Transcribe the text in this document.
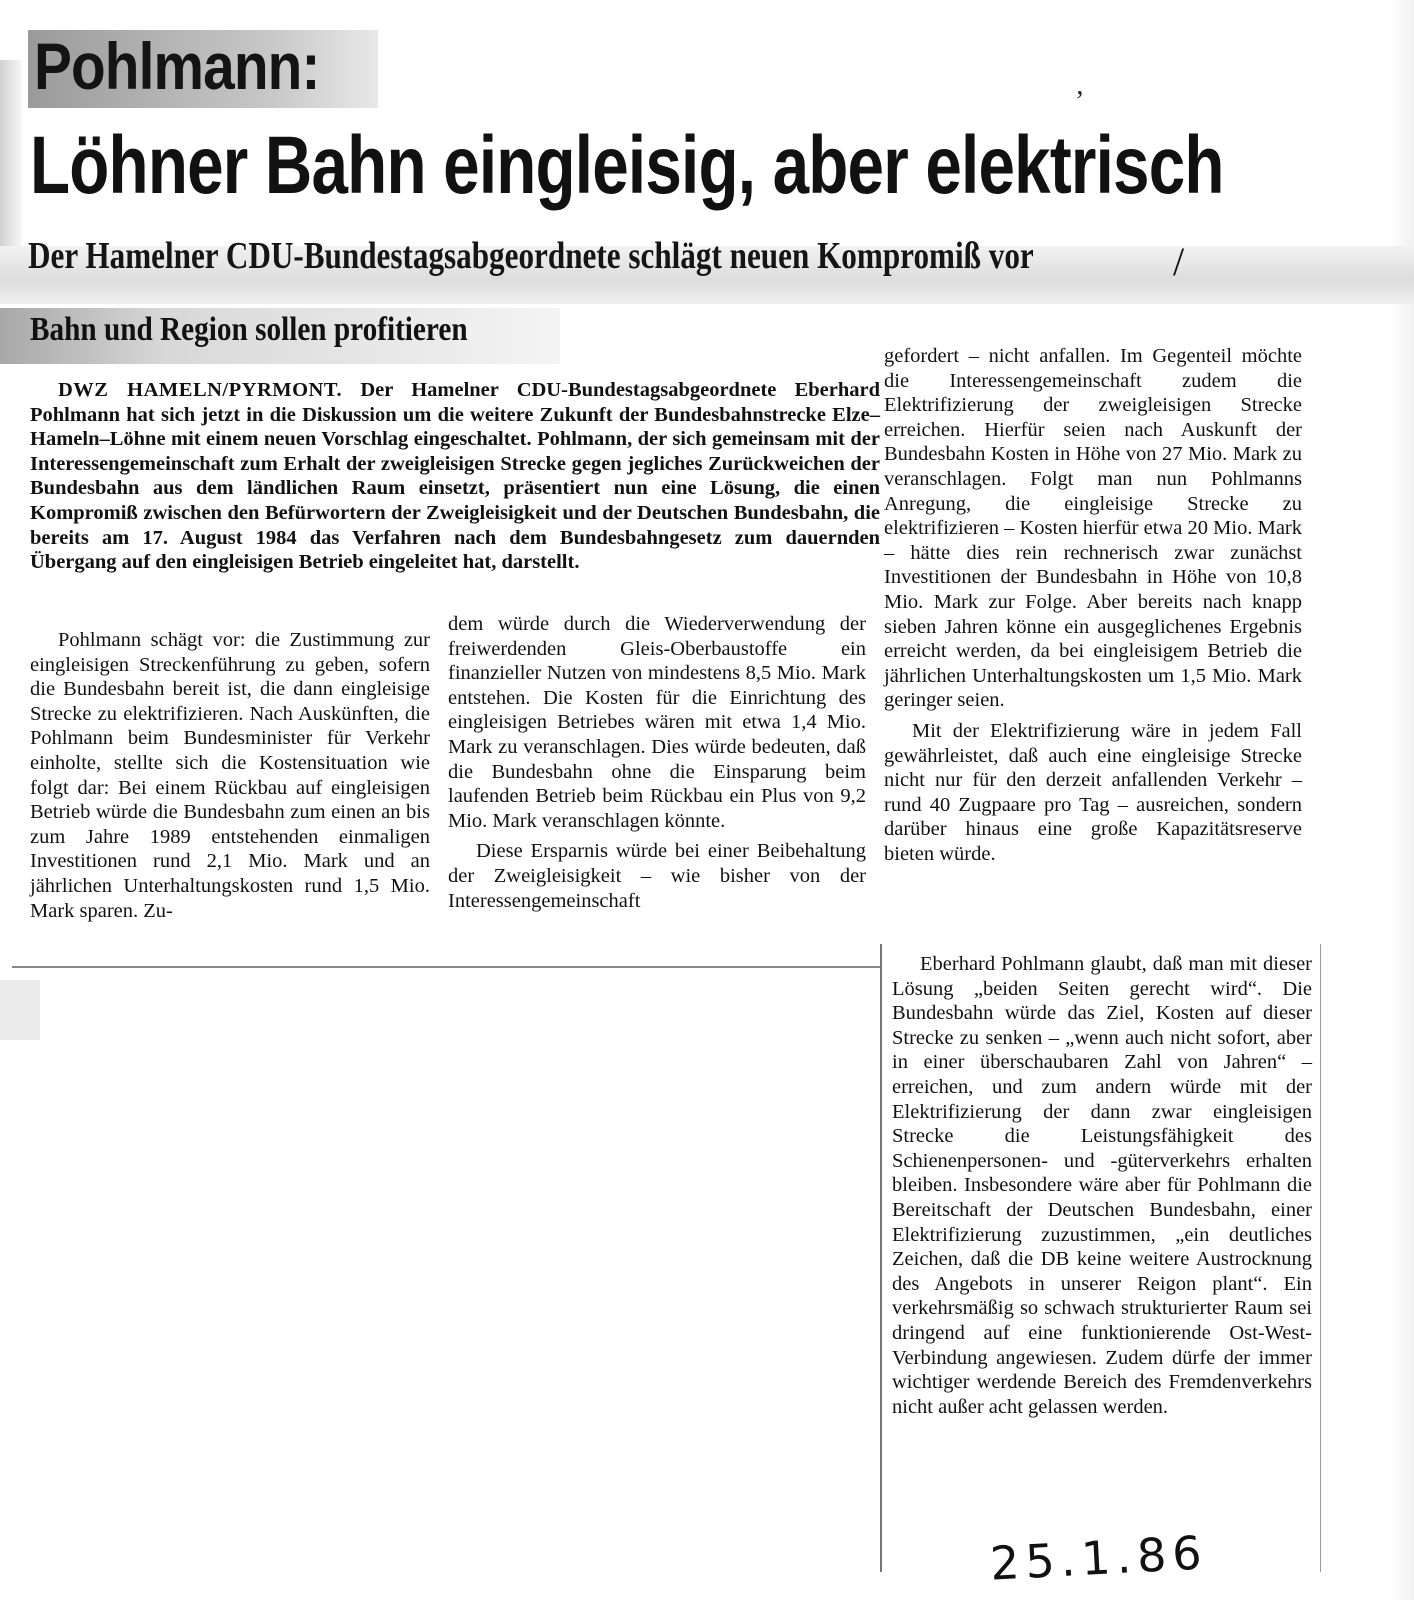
Pohlmann:
Löhner Bahn eingleisig, aber elektrisch
ʼ
Der Hamelner CDU-Bundestagsabgeordnete schlägt neuen Kompromiß vor	/
Bahn und Region sollen profitieren

DWZ HAMELN/PYRMONT. Der Hamelner CDU-Bundestagsabgeordnete Eberhard Pohlmann hat sich jetzt in die Diskussion um die weitere Zukunft der Bundesbahnstrecke Elze–Hameln–Löhne mit einem neuen Vorschlag eingeschaltet. Pohlmann, der sich gemeinsam mit der Interessengemeinschaft zum Erhalt der zweigleisigen Strecke gegen jegliches Zurückweichen der Bundesbahn aus dem ländlichen Raum einsetzt, präsentiert nun eine Lösung, die einen Kompromiß zwischen den Befürwortern der Zweigleisigkeit und der Deutschen Bundesbahn, die bereits am 17. August 1984 das Verfahren nach dem Bundesbahngesetz zum dauernden Übergang auf den eingleisigen Betrieb eingeleitet hat, darstellt.

Pohlmann schägt vor: die Zustimmung zur eingleisigen Streckenführung zu geben, sofern die Bundesbahn bereit ist, die dann eingleisige Strecke zu elektrifizieren. Nach Auskünften, die Pohlmann beim Bundesminister für Verkehr einholte, stellte sich die Kostensituation wie folgt dar: Bei einem Rückbau auf eingleisigen Betrieb würde die Bundesbahn zum einen an bis zum Jahre 1989 entstehenden einmaligen Investitionen rund 2,1 Mio. Mark und an jährlichen Unterhaltungskosten rund 1,5 Mio. Mark sparen. Zu-

dem würde durch die Wiederverwendung der freiwerdenden Gleis-Oberbaustoffe ein finanzieller Nutzen von mindestens 8,5 Mio. Mark entstehen. Die Kosten für die Einrichtung des eingleisigen Betriebes wären mit etwa 1,4 Mio. Mark zu veranschlagen. Dies würde bedeuten, daß die Bundesbahn ohne die Einsparung beim laufenden Betrieb beim Rückbau ein Plus von 9,2 Mio. Mark veranschlagen könnte.

Diese Ersparnis würde bei einer Beibehaltung der Zweigleisigkeit – wie bisher von der Interessengemeinschaft

gefordert – nicht anfallen. Im Gegenteil möchte die Interessengemeinschaft zudem die Elektrifizierung der zweigleisigen Strecke erreichen. Hierfür seien nach Auskunft der Bundesbahn Kosten in Höhe von 27 Mio. Mark zu veranschlagen. Folgt man nun Pohlmanns Anregung, die eingleisige Strecke zu elektrifizieren – Kosten hierfür etwa 20 Mio. Mark – hätte dies rein rechnerisch zwar zunächst Investitionen der Bundesbahn in Höhe von 10,8 Mio. Mark zur Folge. Aber bereits nach knapp sieben Jahren könne ein ausgeglichenes Ergebnis erreicht werden, da bei eingleisigem Betrieb die jährlichen Unterhaltungskosten um 1,5 Mio. Mark geringer seien.

Mit der Elektrifizierung wäre in jedem Fall gewährleistet, daß auch eine eingleisige Strecke nicht nur für den derzeit anfallenden Verkehr – rund 40 Zugpaare pro Tag – ausreichen, sondern darüber hinaus eine große Kapazitätsreserve bieten würde.

Eberhard Pohlmann glaubt, daß man mit dieser Lösung „beiden Seiten gerecht wird“. Die Bundesbahn würde das Ziel, Kosten auf dieser Strecke zu senken – „wenn auch nicht sofort, aber in einer überschaubaren Zahl von Jahren“ – erreichen, und zum andern würde mit der Elektrifizierung der dann zwar eingleisigen Strecke die Leistungsfähigkeit des Schienenpersonen- und -güterverkehrs erhalten bleiben. Insbesondere wäre aber für Pohlmann die Bereitschaft der Deutschen Bundesbahn, einer Elektrifizierung zuzustimmen, „ein deutliches Zeichen, daß die DB keine weitere Austrocknung des Angebots in unserer Reigon plant“. Ein verkehrsmäßig so schwach strukturierter Raum sei dringend auf eine funktionierende Ost-West-Verbindung angewiesen. Zudem dürfe der immer wichtiger werdende Bereich des Fremdenverkehrs nicht außer acht gelassen werden.

25.1.86
